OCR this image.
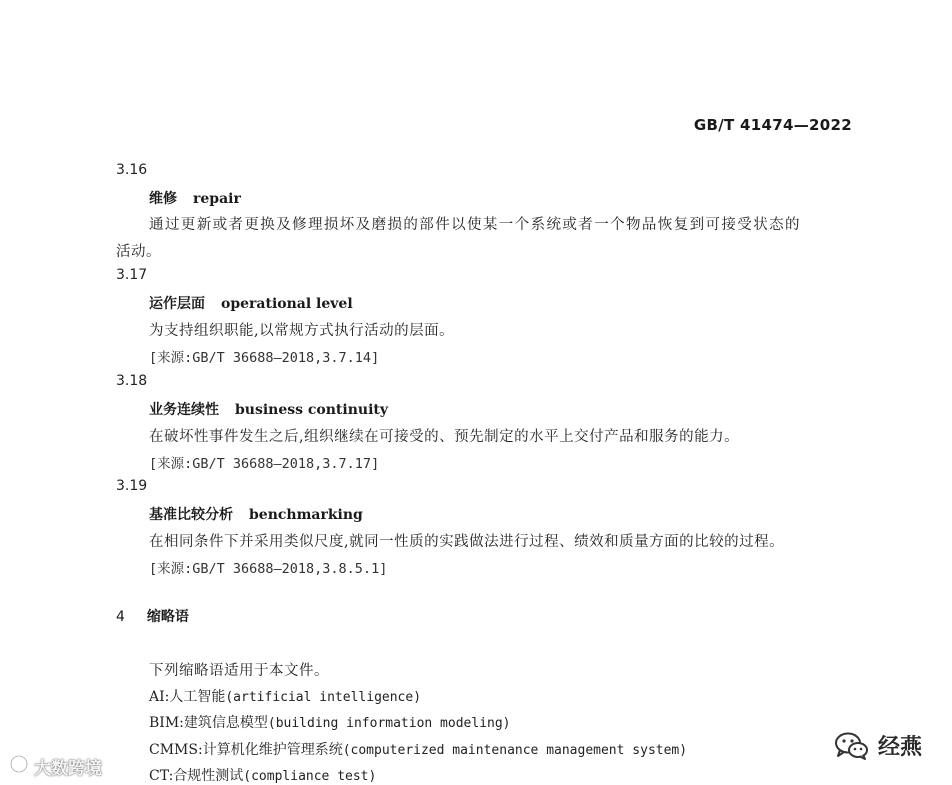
GB/T 41474—2022
3.16
维修 repair
通过更新或者更换及修理损坏及磨损的部件以使某一个系统或者一个物品恢复到可接受状态的
活动。
3.17
运作层面 operational level
为支持组织职能,以常规方式执行活动的层面。
[来源:GB/T 36688—2018,3.7.14]
3.18
业务连续性 business continuity
在破坏性事件发生之后,组织继续在可接受的、预先制定的水平上交付产品和服务的能力。
[来源:GB/T 36688—2018,3.7.17]
3.19
基准比较分析 benchmarking
在相同条件下并采用类似尺度,就同一性质的实践做法进行过程、绩效和质量方面的比较的过程。
[来源:GB/T 36688—2018,3.8.5.1]
4 缩略语
下列缩略语适用于本文件。
AI:人工智能(artificial intelligence)
BIM:建筑信息模型(building information modeling)
CMMS:计算机化维护管理系统(computerized maintenance management system)
CT:合规性测试(compliance test)
大数跨境
经燕
